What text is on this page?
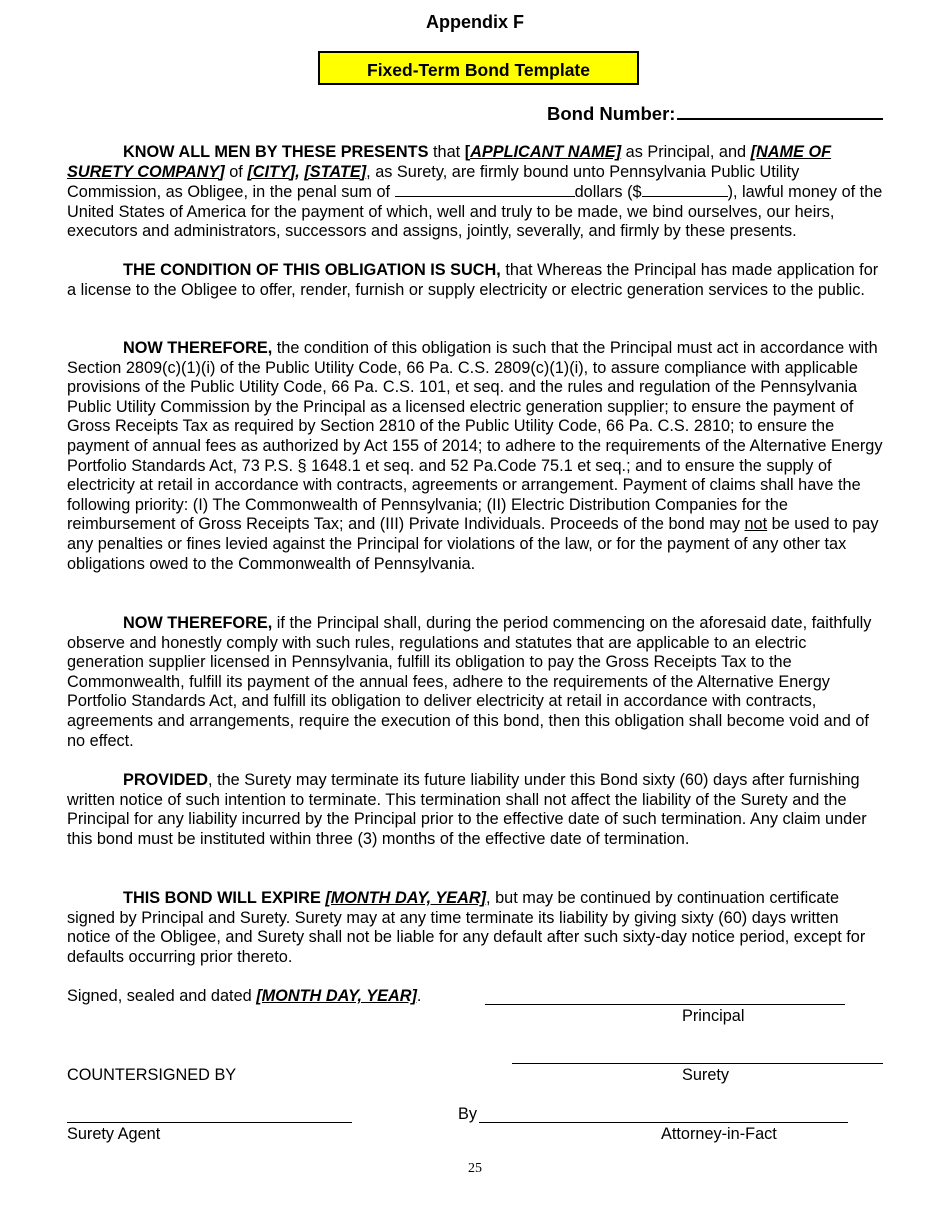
Appendix F
Fixed-Term Bond Template
Bond Number:

KNOW ALL MEN BY THESE PRESENTS that [APPLICANT NAME] as Principal, and [NAME OF SURETY COMPANY] of [CITY], [STATE], as Surety, are firmly bound unto Pennsylvania Public Utility Commission, as Obligee, in the penal sum of	dollars ($	), lawful money of the United States of America for the payment of which, well and truly to be made, we bind ourselves, our heirs, executors and administrators, successors and assigns, jointly, severally, and firmly by these presents.

THE CONDITION OF THIS OBLIGATION IS SUCH, that Whereas the Principal has made application for a license to the Obligee to offer, render, furnish or supply electricity or electric generation services to the public.

NOW THEREFORE, the condition of this obligation is such that the Principal must act in accordance with Section 2809(c)(1)(i) of the Public Utility Code, 66 Pa. C.S. 2809(c)(1)(i), to assure compliance with applicable provisions of the Public Utility Code, 66 Pa. C.S. 101, et seq. and the rules and regulation of the Pennsylvania Public Utility Commission by the Principal as a licensed electric generation supplier; to ensure the payment of Gross Receipts Tax as required by Section 2810 of the Public Utility Code, 66 Pa. C.S. 2810; to ensure the payment of annual fees as authorized by Act 155 of 2014; to adhere to the requirements of the Alternative Energy Portfolio Standards Act, 73 P.S. § 1648.1 et seq. and 52 Pa.Code 75.1 et seq.; and to ensure the supply of electricity at retail in accordance with contracts, agreements or arrangement. Payment of claims shall have the following priority: (I) The Commonwealth of Pennsylvania; (II) Electric Distribution Companies for the reimbursement of Gross Receipts Tax; and (III) Private Individuals. Proceeds of the bond may not be used to pay any penalties or fines levied against the Principal for violations of the law, or for the payment of any other tax obligations owed to the Commonwealth of Pennsylvania.

NOW THEREFORE, if the Principal shall, during the period commencing on the aforesaid date, faithfully observe and honestly comply with such rules, regulations and statutes that are applicable to an electric generation supplier licensed in Pennsylvania, fulfill its obligation to pay the Gross Receipts Tax to the Commonwealth, fulfill its payment of the annual fees, adhere to the requirements of the Alternative Energy Portfolio Standards Act, and fulfill its obligation to deliver electricity at retail in accordance with contracts, agreements and arrangements, require the execution of this bond, then this obligation shall become void and of no effect.

PROVIDED, the Surety may terminate its future liability under this Bond sixty (60) days after furnishing written notice of such intention to terminate. This termination shall not affect the liability of the Surety and the Principal for any liability incurred by the Principal prior to the effective date of such termination. Any claim under this bond must be instituted within three (3) months of the effective date of termination.

THIS BOND WILL EXPIRE [MONTH DAY, YEAR], but may be continued by continuation certificate signed by Principal and Surety. Surety may at any time terminate its liability by giving sixty (60) days written notice of the Obligee, and Surety shall not be liable for any default after such sixty-day notice period, except for defaults occurring prior thereto.

Signed, sealed and dated [MONTH DAY, YEAR].
Principal
COUNTERSIGNED BY	Surety
By
Surety Agent	Attorney-in-Fact
25
